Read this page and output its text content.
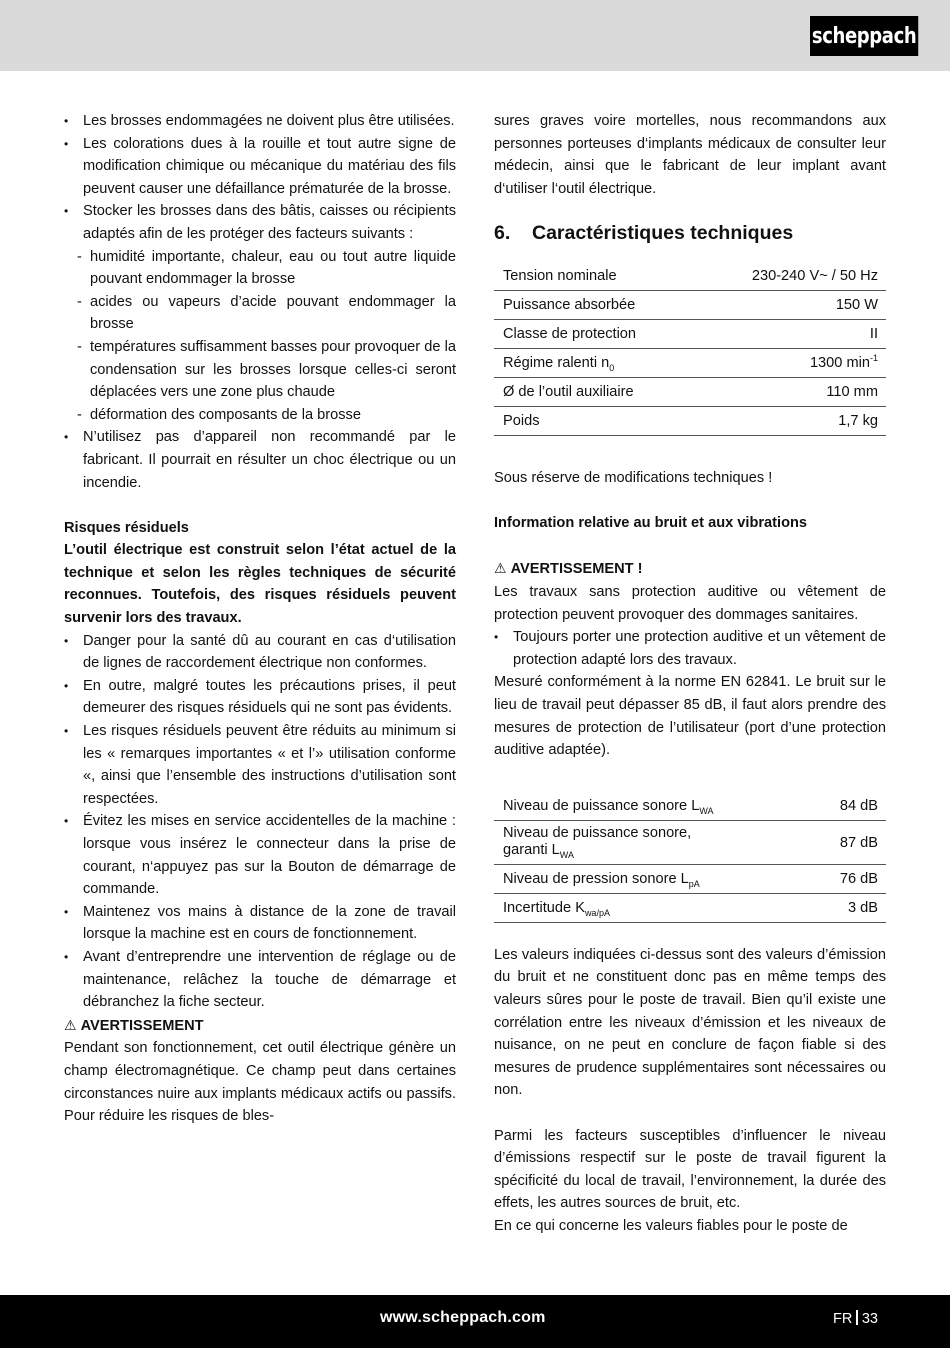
scheppach
• Les brosses endommagées ne doivent plus être utilisées.
• Les colorations dues à la rouille et tout autre signe de modification chimique ou mécanique du matériau des fils peuvent causer une défaillance prématurée de la brosse.
• Stocker les brosses dans des bâtis, caisses ou récipients adaptés afin de les protéger des facteurs suivants :
- humidité importante, chaleur, eau ou tout autre liquide pouvant endommager la brosse
- acides ou vapeurs d’acide pouvant endommager la brosse
- températures suffisamment basses pour provoquer de la condensation sur les brosses lorsque celles-ci seront déplacées vers une zone plus chaude
- déformation des composants de la brosse
• N’utilisez pas d’appareil non recommandé par le fabricant. Il pourrait en résulter un choc électrique ou un incendie.
Risques résiduels
L’outil électrique est construit selon l’état actuel de la technique et selon les règles techniques de sécurité reconnues. Toutefois, des risques résiduels peuvent survenir lors des travaux.
• Danger pour la santé dû au courant en cas d‘utilisation de lignes de raccordement électrique non conformes.
• En outre, malgré toutes les précautions prises, il peut demeurer des risques résiduels qui ne sont pas évidents.
• Les risques résiduels peuvent être réduits au minimum si les « remarques importantes « et l’» utilisation conforme «, ainsi que l’ensemble des instructions d’utilisation sont respectées.
• Évitez les mises en service accidentelles de la machine : lorsque vous insérez le connecteur dans la prise de courant, n‘appuyez pas sur la Bouton de démarrage de commande.
• Maintenez vos mains à distance de la zone de travail lorsque la machine est en cours de fonctionnement.
• Avant d’entreprendre une intervention de réglage ou de maintenance, relâchez la touche de démarrage et débranchez la fiche secteur.
⚠ AVERTISSEMENT
Pendant son fonctionnement, cet outil électrique génère un champ électromagnétique. Ce champ peut dans certaines circonstances nuire aux implants médicaux actifs ou passifs. Pour réduire les risques de bles-
sures graves voire mortelles, nous recommandons aux personnes porteuses d‘implants médicaux de consulter leur médecin, ainsi que le fabricant de leur implant avant d‘utiliser l‘outil électrique.
6. Caractéristiques techniques
Tension nominale	230-240 V~ / 50 Hz
Puissance absorbée	150 W
Classe de protection	II
Régime ralenti $n_0$	1300 $\min^{-1}$
Ø de l’outil auxiliaire	110 mm
Poids	1,7 kg
Sous réserve de modifications techniques !
Information relative au bruit et aux vibrations
⚠ AVERTISSEMENT !
Les travaux sans protection auditive ou vêtement de protection peuvent provoquer des dommages sanitaires.
• Toujours porter une protection auditive et un vêtement de protection adapté lors des travaux.
Mesuré conformément à la norme EN 62841. Le bruit sur le lieu de travail peut dépasser 85 dB, il faut alors prendre des mesures de protection de l’utilisateur (port d’une protection auditive adaptée).
Niveau de puissance sonore $L_{WA}$	84 dB
Niveau de puissance sonore,
garanti $L_{WA}$	87 dB
Niveau de pression sonore $L_{pA}$	76 dB
Incertitude $K_{wa/pA}$	3 dB
Les valeurs indiquées ci-dessus sont des valeurs d’émission du bruit et ne constituent donc pas en même temps des valeurs sûres pour le poste de travail. Bien qu’il existe une corrélation entre les niveaux d’émission et les niveaux de nuisance, on ne peut en conclure de façon fiable si des mesures de prudence supplémentaires sont nécessaires ou non.
Parmi les facteurs susceptibles d’influencer le niveau d’émissions respectif sur le poste de travail figurent la spécificité du local de travail, l’environnement, la durée des effets, les autres sources de bruit, etc.
En ce qui concerne les valeurs fiables pour le poste de
www.scheppach.com	FR 33
